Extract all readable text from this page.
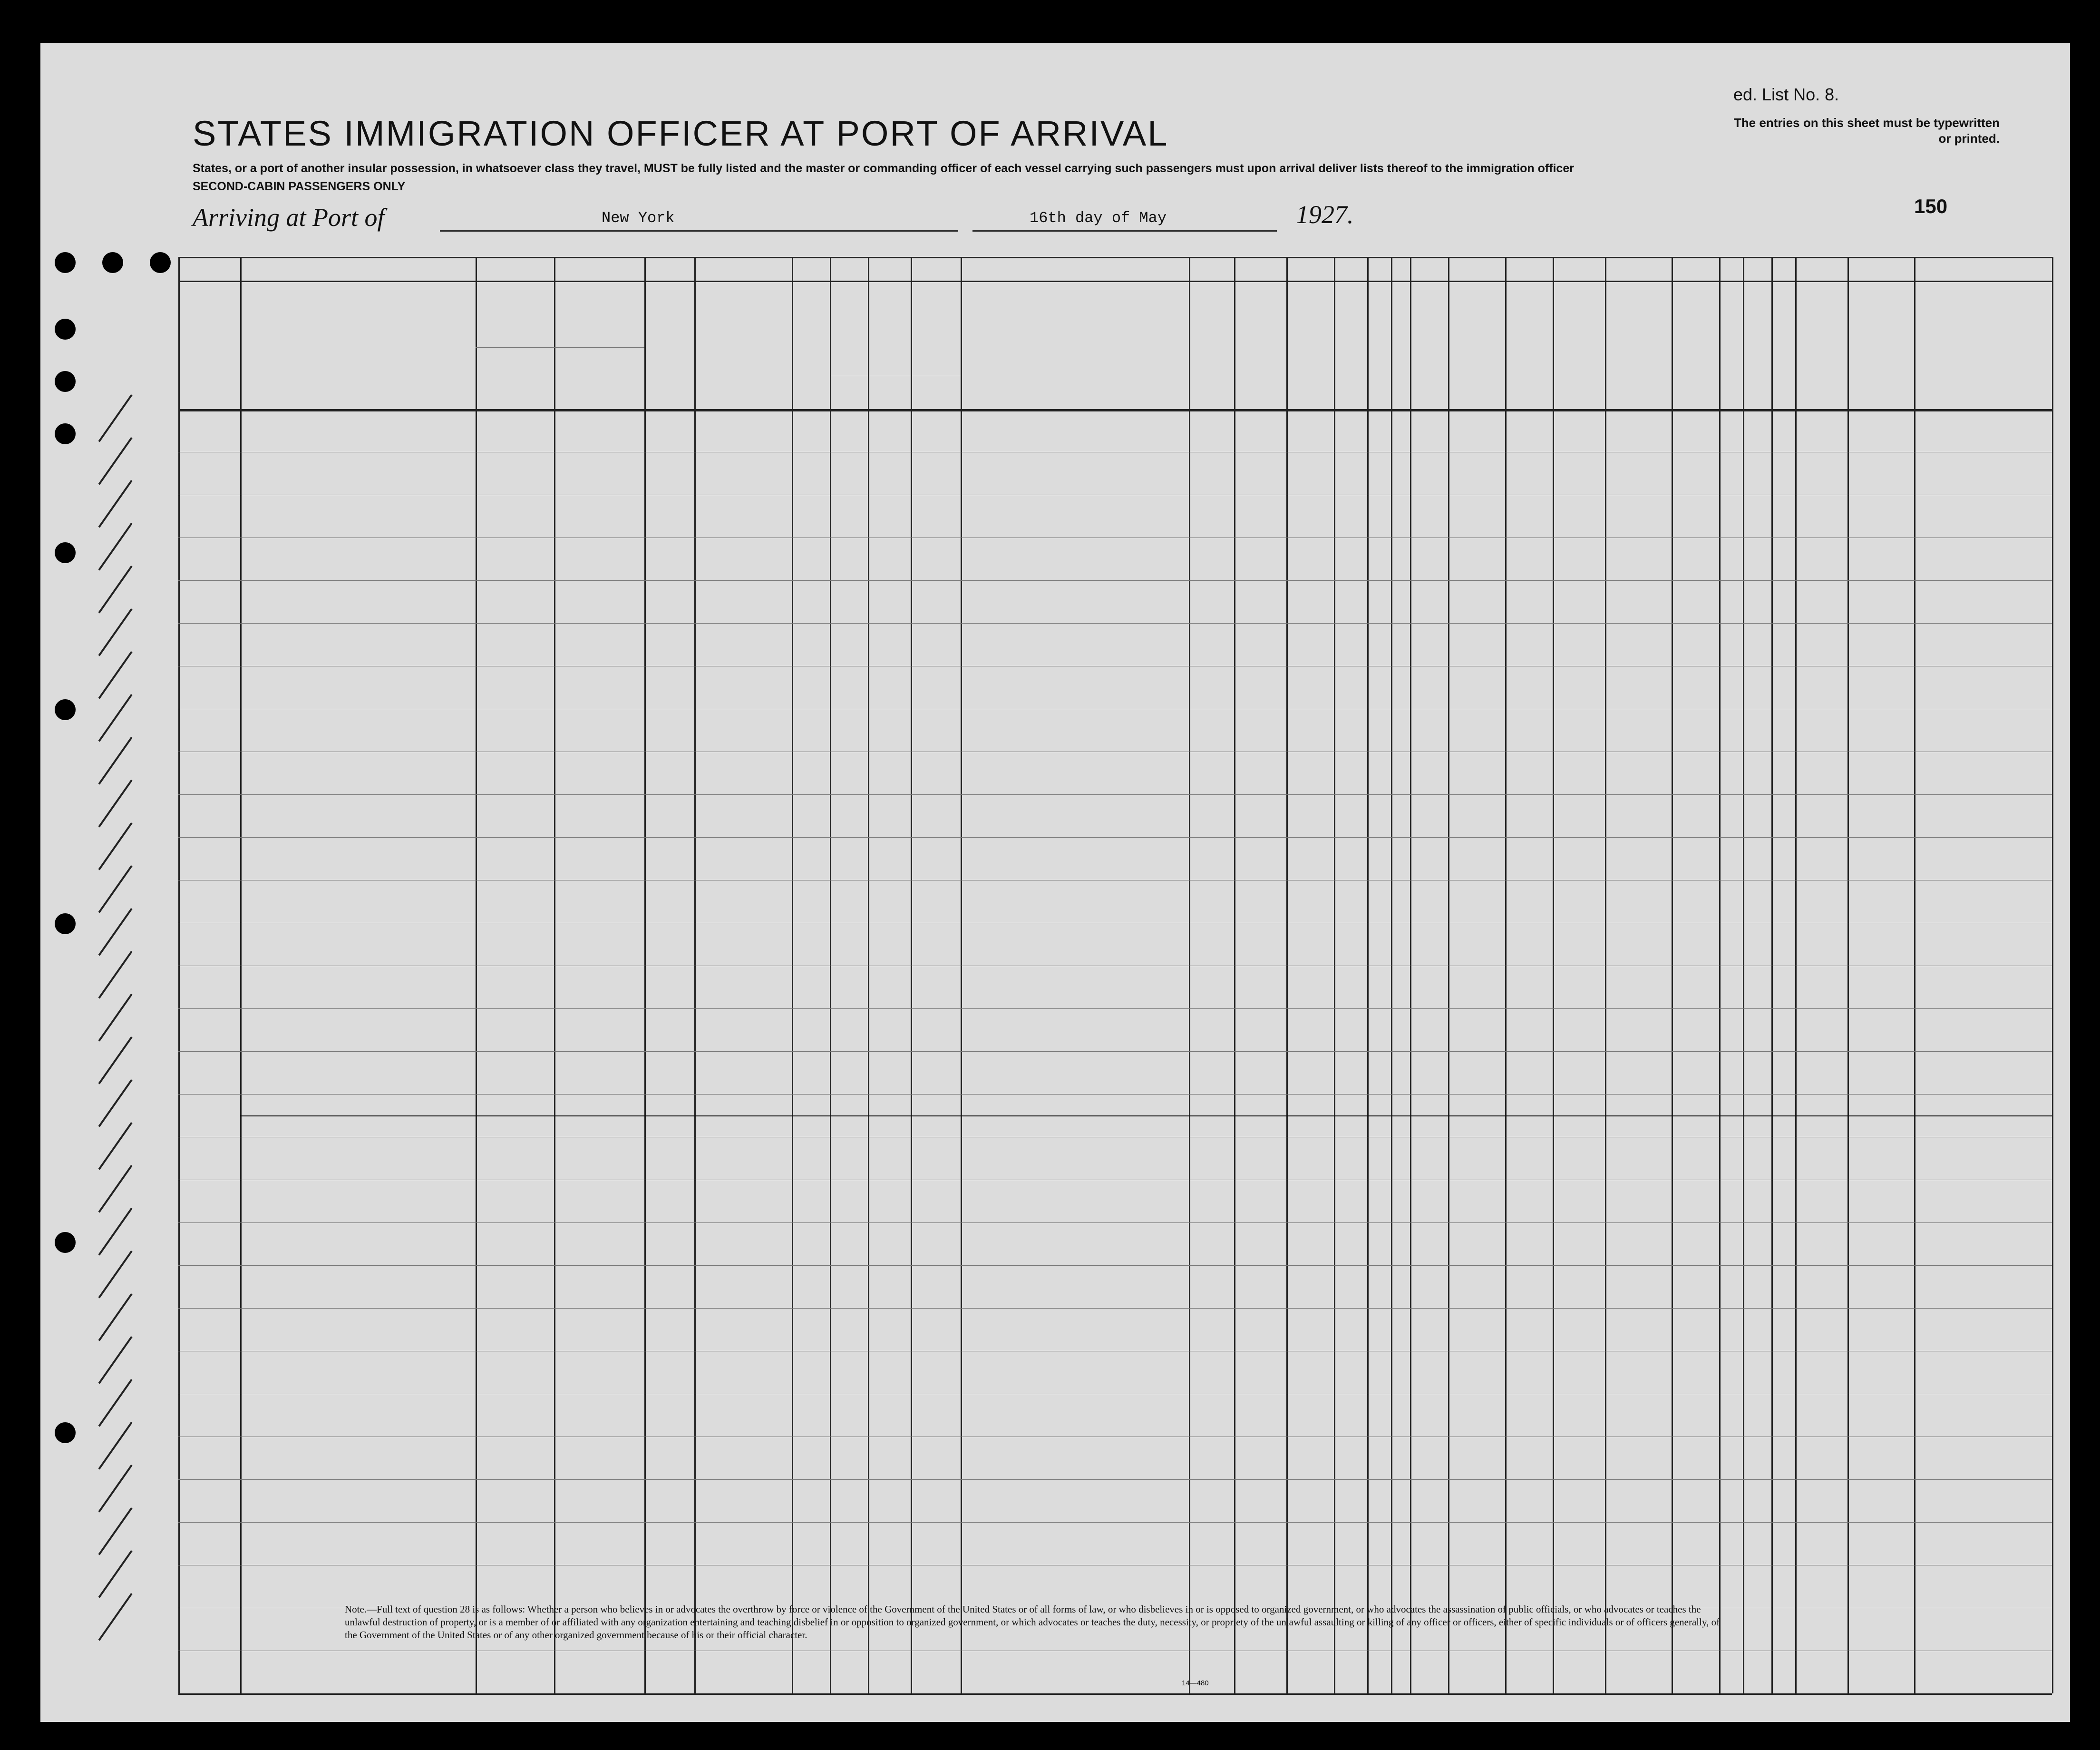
ed. List No. 8.
STATES IMMIGRATION OFFICER AT PORT OF ARRIVAL	The entries on this sheet must be typewritten or printed.
States, or a port of another insular possession, in whatsoever class they travel, MUST be fully listed and the master or commanding officer of each vessel carrying such passengers must upon arrival deliver lists thereof to the immigration officer
SECOND-CABIN PASSENGERS ONLY
Arriving at Port of	New York	16th day of May	1927.	150
Note.—Full text of question 28 is as follows: Whether a person who believes in or advocates the overthrow by force or violence of the Government of the United States or of all forms of law, or who disbelieves in or is opposed to organized government, or who advocates the assassination of public officials, or who advocates or teaches the unlawful destruction of property, or is a member of or affiliated with any organization entertaining and teaching disbelief in or opposition to organized government, or which advocates or teaches the duty, necessity, or propriety of the unlawful assaulting or killing of any officer or officers, either of specific individuals or of officers generally, of the Government of the United States or of any other organized government because of his or their official character.
14—480
